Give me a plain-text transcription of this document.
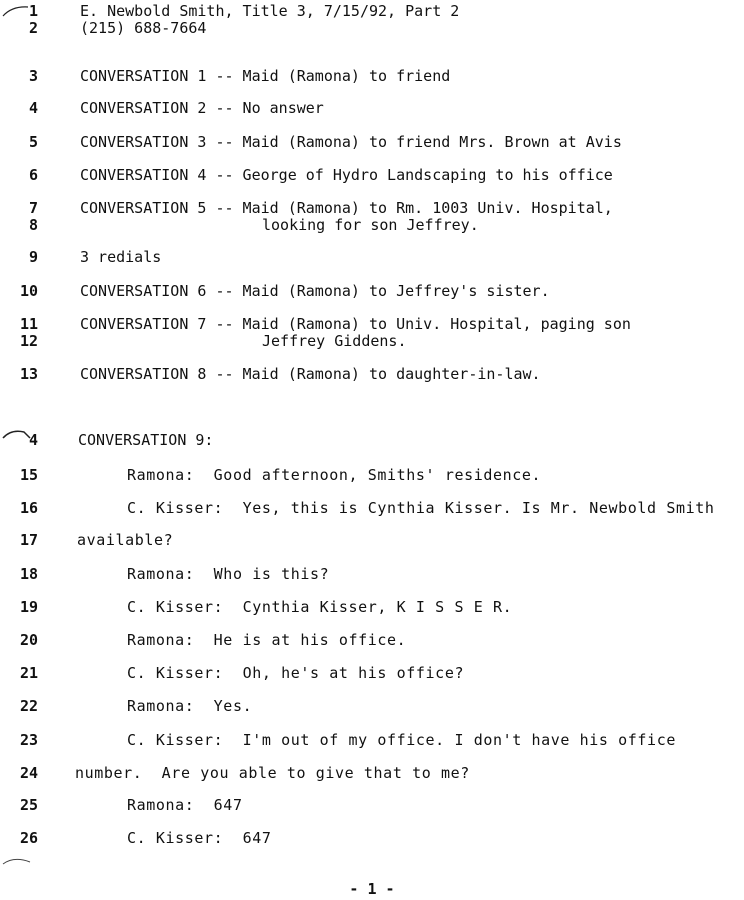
1	E. Newbold Smith, Title 3, 7/15/92, Part 2
2	(215) 688-7664
3	CONVERSATION 1 -- Maid (Ramona) to friend
4	CONVERSATION 2 -- No answer
5	CONVERSATION 3 -- Maid (Ramona) to friend Mrs. Brown at Avis
6	CONVERSATION 4 -- George of Hydro Landscaping to his office
7	CONVERSATION 5 -- Maid (Ramona) to Rm. 1003 Univ. Hospital,
8	looking for son Jeffrey.
9	3 redials
10	CONVERSATION 6 -- Maid (Ramona) to Jeffrey's sister.
11	CONVERSATION 7 -- Maid (Ramona) to Univ. Hospital, paging son
12	Jeffrey Giddens.
13	CONVERSATION 8 -- Maid (Ramona) to daughter-in-law.
4	CONVERSATION 9:
15	Ramona:  Good afternoon, Smiths' residence.
16	C. Kisser:  Yes, this is Cynthia Kisser. Is Mr. Newbold Smith
17	available?
18	Ramona:  Who is this?
19	C. Kisser:  Cynthia Kisser, K I S S E R.
20	Ramona:  He is at his office.
21	C. Kisser:  Oh, he's at his office?
22	Ramona:  Yes.
23	C. Kisser:  I'm out of my office. I don't have his office
24 number.  Are you able to give that to me?
25	Ramona:  647
26	C. Kisser:  647
- 1 -
